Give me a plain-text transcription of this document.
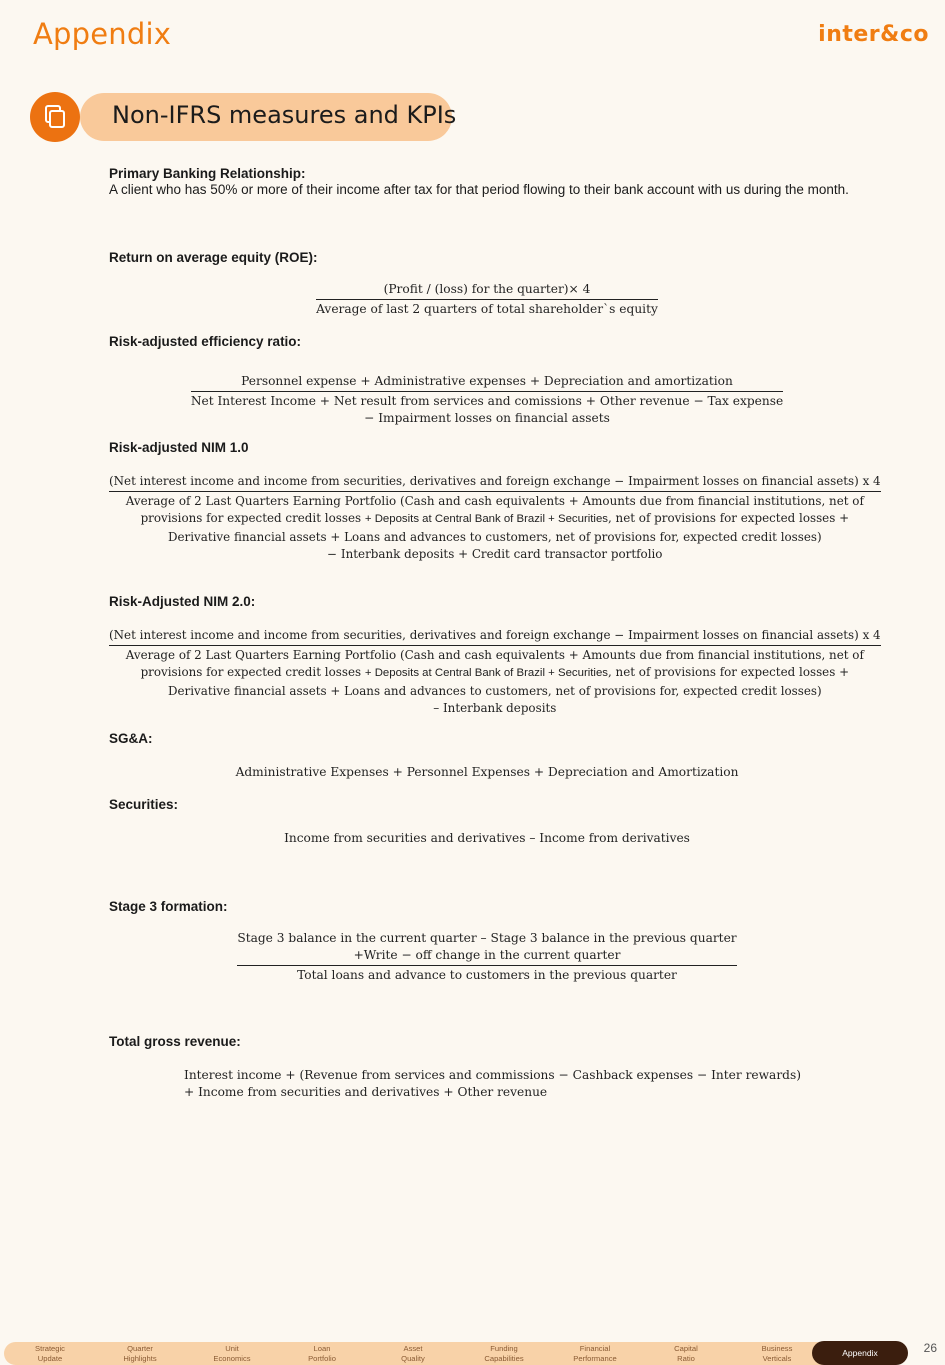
Appendix	inter&co
Non-IFRS measures and KPIs
Primary Banking Relationship:
A client who has 50% or more of their income after tax for that period flowing to their bank account with us during the month.
Return on average equity (ROE):
(Profit / (loss) for the quarter)× 4
Average of last 2 quarters of total shareholder`s equity
Risk-adjusted efficiency ratio:
Personnel expense + Administrative expenses + Depreciation and amortization
Net Interest Income + Net result from services and comissions + Other revenue − Tax expense
− Impairment losses on financial assets
Risk-adjusted NIM 1.0
(Net interest income and income from securities, derivatives and foreign exchange − Impairment losses on financial assets) x 4
Average of 2 Last Quarters Earning Portfolio (Cash and cash equivalents + Amounts due from financial institutions, net of
provisions for expected credit losses + Deposits at Central Bank of Brazil + Securities, net of provisions for expected losses +
Derivative financial assets + Loans and advances to customers, net of provisions for, expected credit losses)
− Interbank deposits + Credit card transactor portfolio
Risk-Adjusted NIM 2.0:
(Net interest income and income from securities, derivatives and foreign exchange − Impairment losses on financial assets) x 4
Average of 2 Last Quarters Earning Portfolio (Cash and cash equivalents + Amounts due from financial institutions, net of
provisions for expected credit losses + Deposits at Central Bank of Brazil + Securities, net of provisions for expected losses +
Derivative financial assets + Loans and advances to customers, net of provisions for, expected credit losses)
– Interbank deposits
SG&A:
Administrative Expenses + Personnel Expenses + Depreciation and Amortization
Securities:
Income from securities and derivatives – Income from derivatives
Stage 3 formation:
Stage 3 balance in the current quarter – Stage 3 balance in the previous quarter
+Write − off change in the current quarter
Total loans and advance to customers in the previous quarter
Total gross revenue:
Interest income + (Revenue from services and commissions − Cashback expenses − Inter rewards)
+ Income from securities and derivatives + Other revenue
Strategic
Update
Quarter
Highlights
Unit
Economics
Loan
Portfolio
Asset
Quality
Funding
Capabilities
Financial
Performance
Capital
Ratio
Business
Verticals
Appendix	26
